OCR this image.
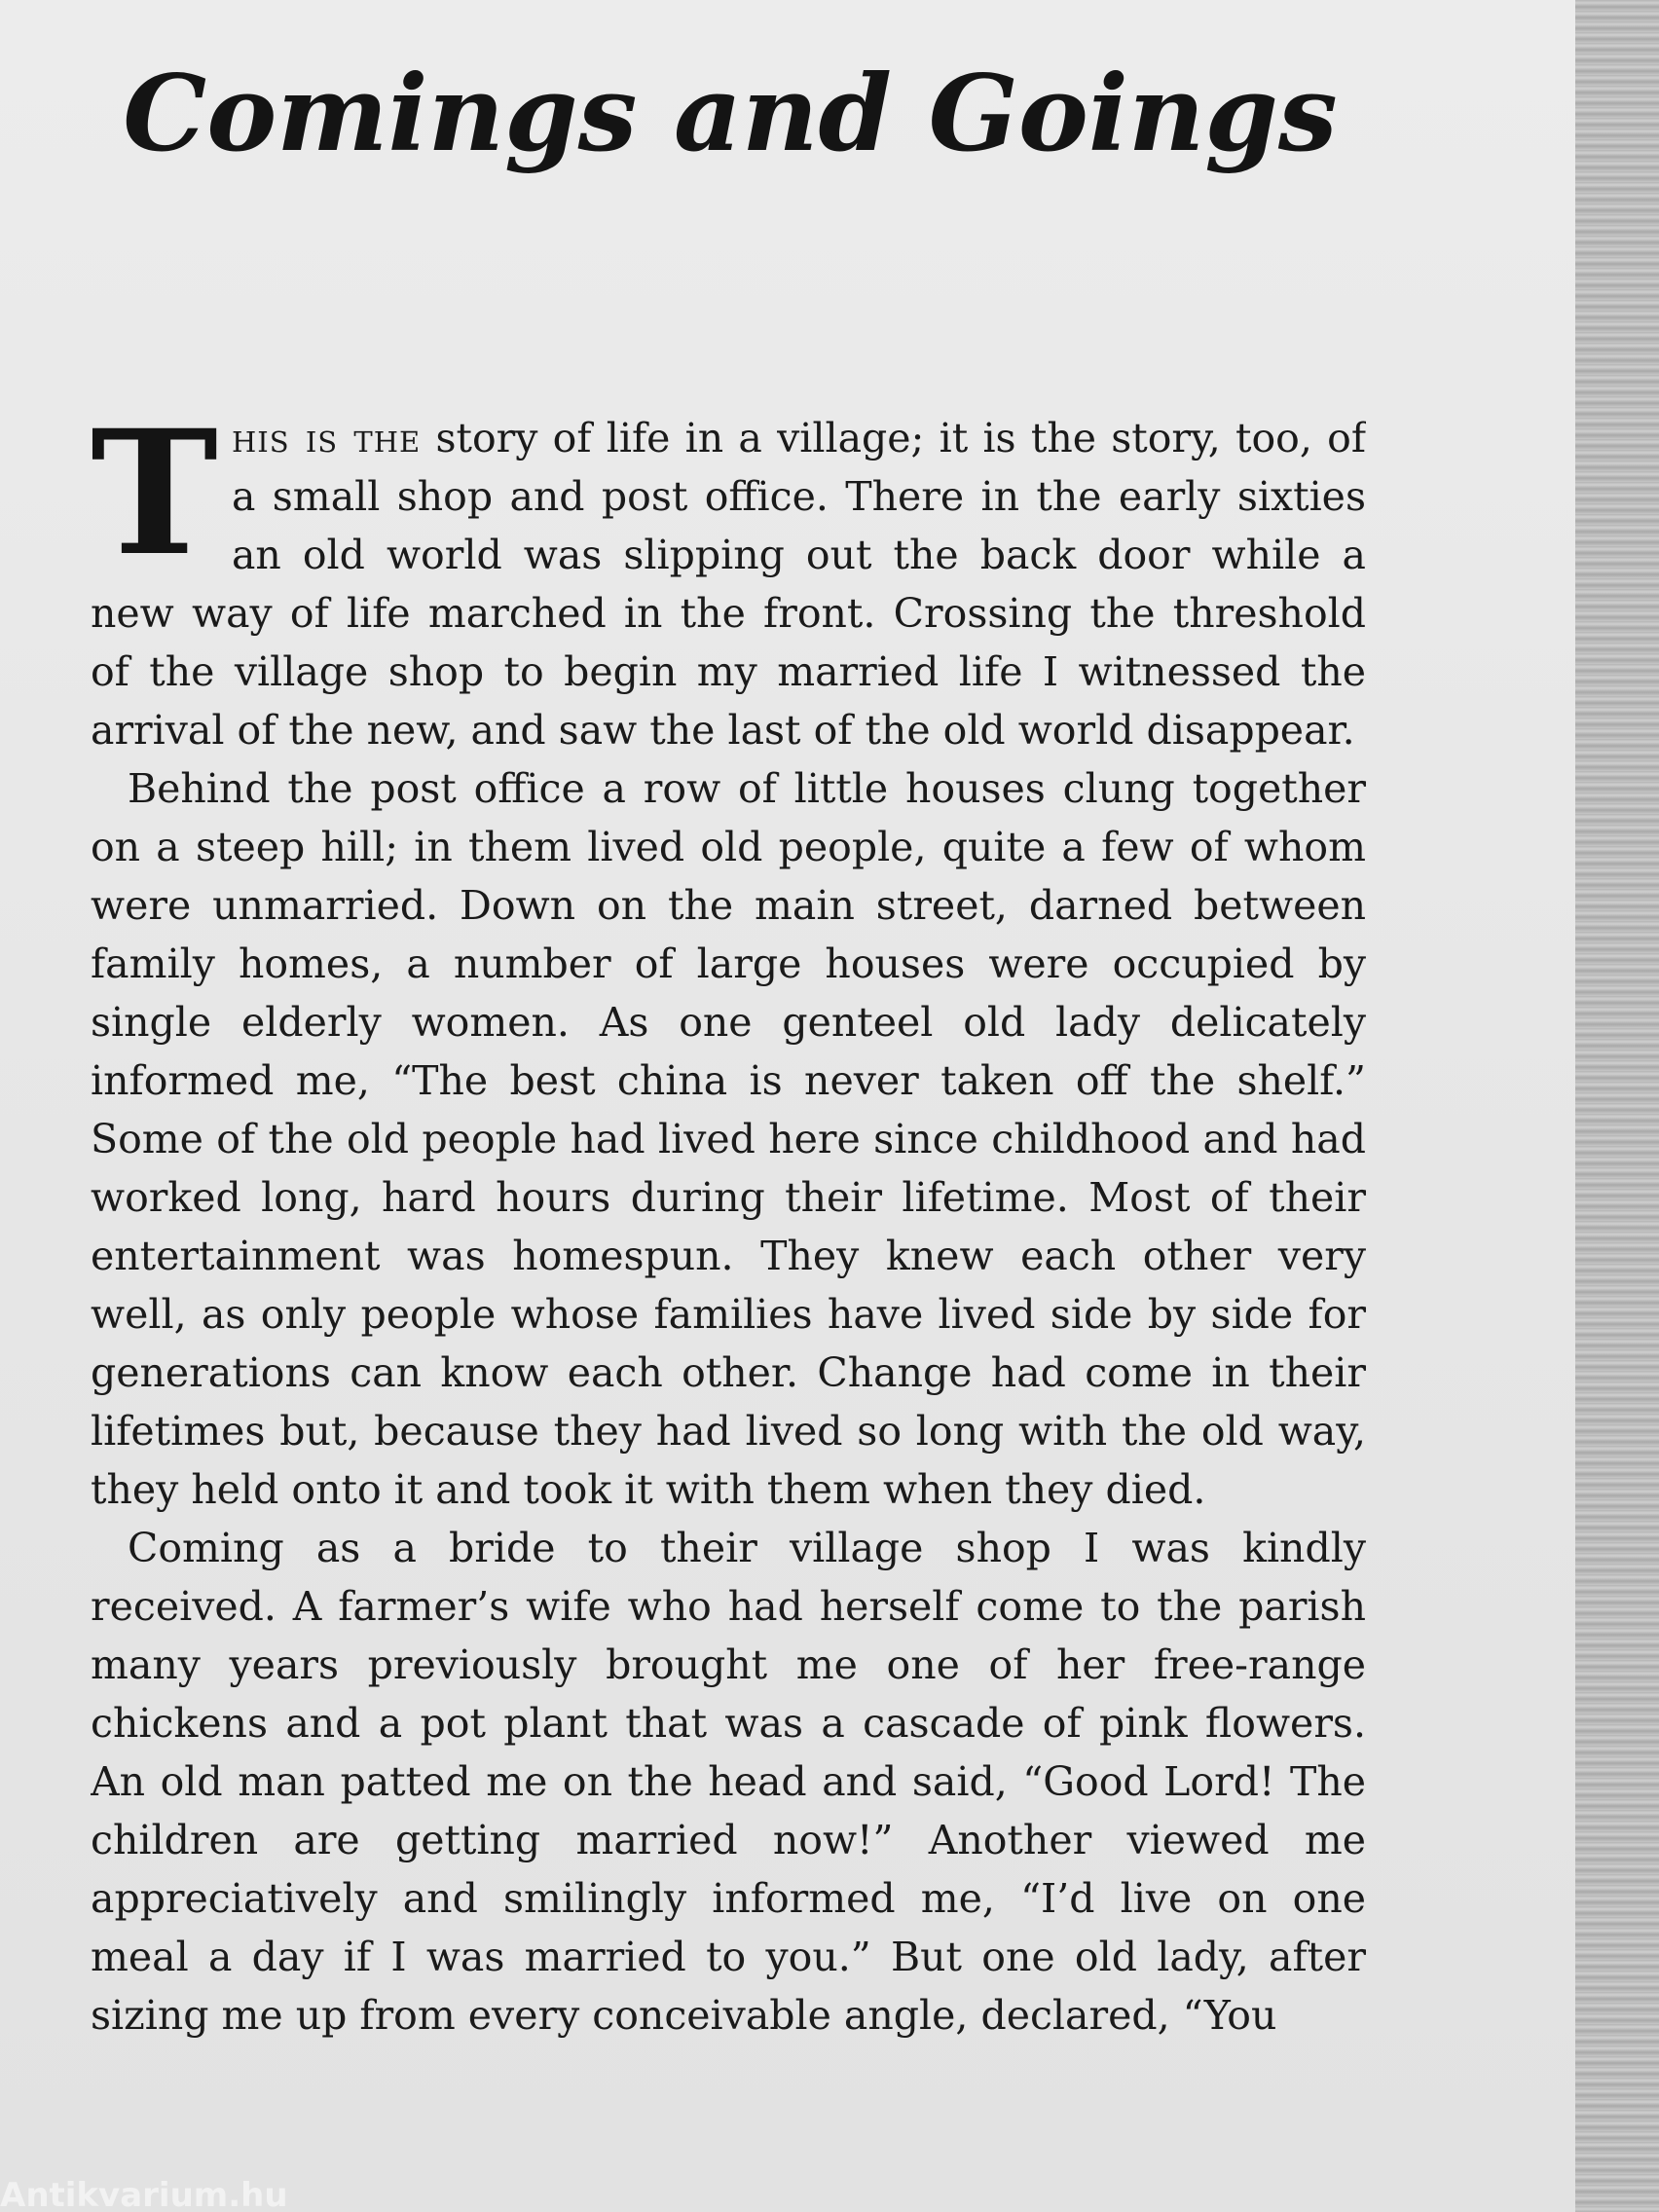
Comings and Goings

This is the story of life in a village; it is the story, too, of a small shop and post office. There in the early sixties an old world was slipping out the back door while a new way of life marched in the front. Crossing the threshold of the village shop to begin my married life I witnessed the arrival of the new, and saw the last of the old world disappear.

Behind the post office a row of little houses clung together on a steep hill; in them lived old people, quite a few of whom were unmarried. Down on the main street, darned between family homes, a number of large houses were occupied by single elderly women. As one genteel old lady delicately informed me, “The best china is never taken off the shelf.” Some of the old people had lived here since childhood and had worked long, hard hours during their lifetime. Most of their entertainment was homespun. They knew each other very well, as only people whose families have lived side by side for generations can know each other. Change had come in their lifetimes but, because they had lived so long with the old way, they held onto it and took it with them when they died.

Coming as a bride to their village shop I was kindly received. A farmer’s wife who had herself come to the parish many years previously brought me one of her free-range chickens and a pot plant that was a cascade of pink flowers. An old man patted me on the head and said, “Good Lord! The children are getting married now!” Another viewed me appreciatively and smilingly informed me, “I’d live on one meal a day if I was married to you.” But one old lady, after sizing me up from every conceivable angle, declared, “You

Antikvarium.hu
